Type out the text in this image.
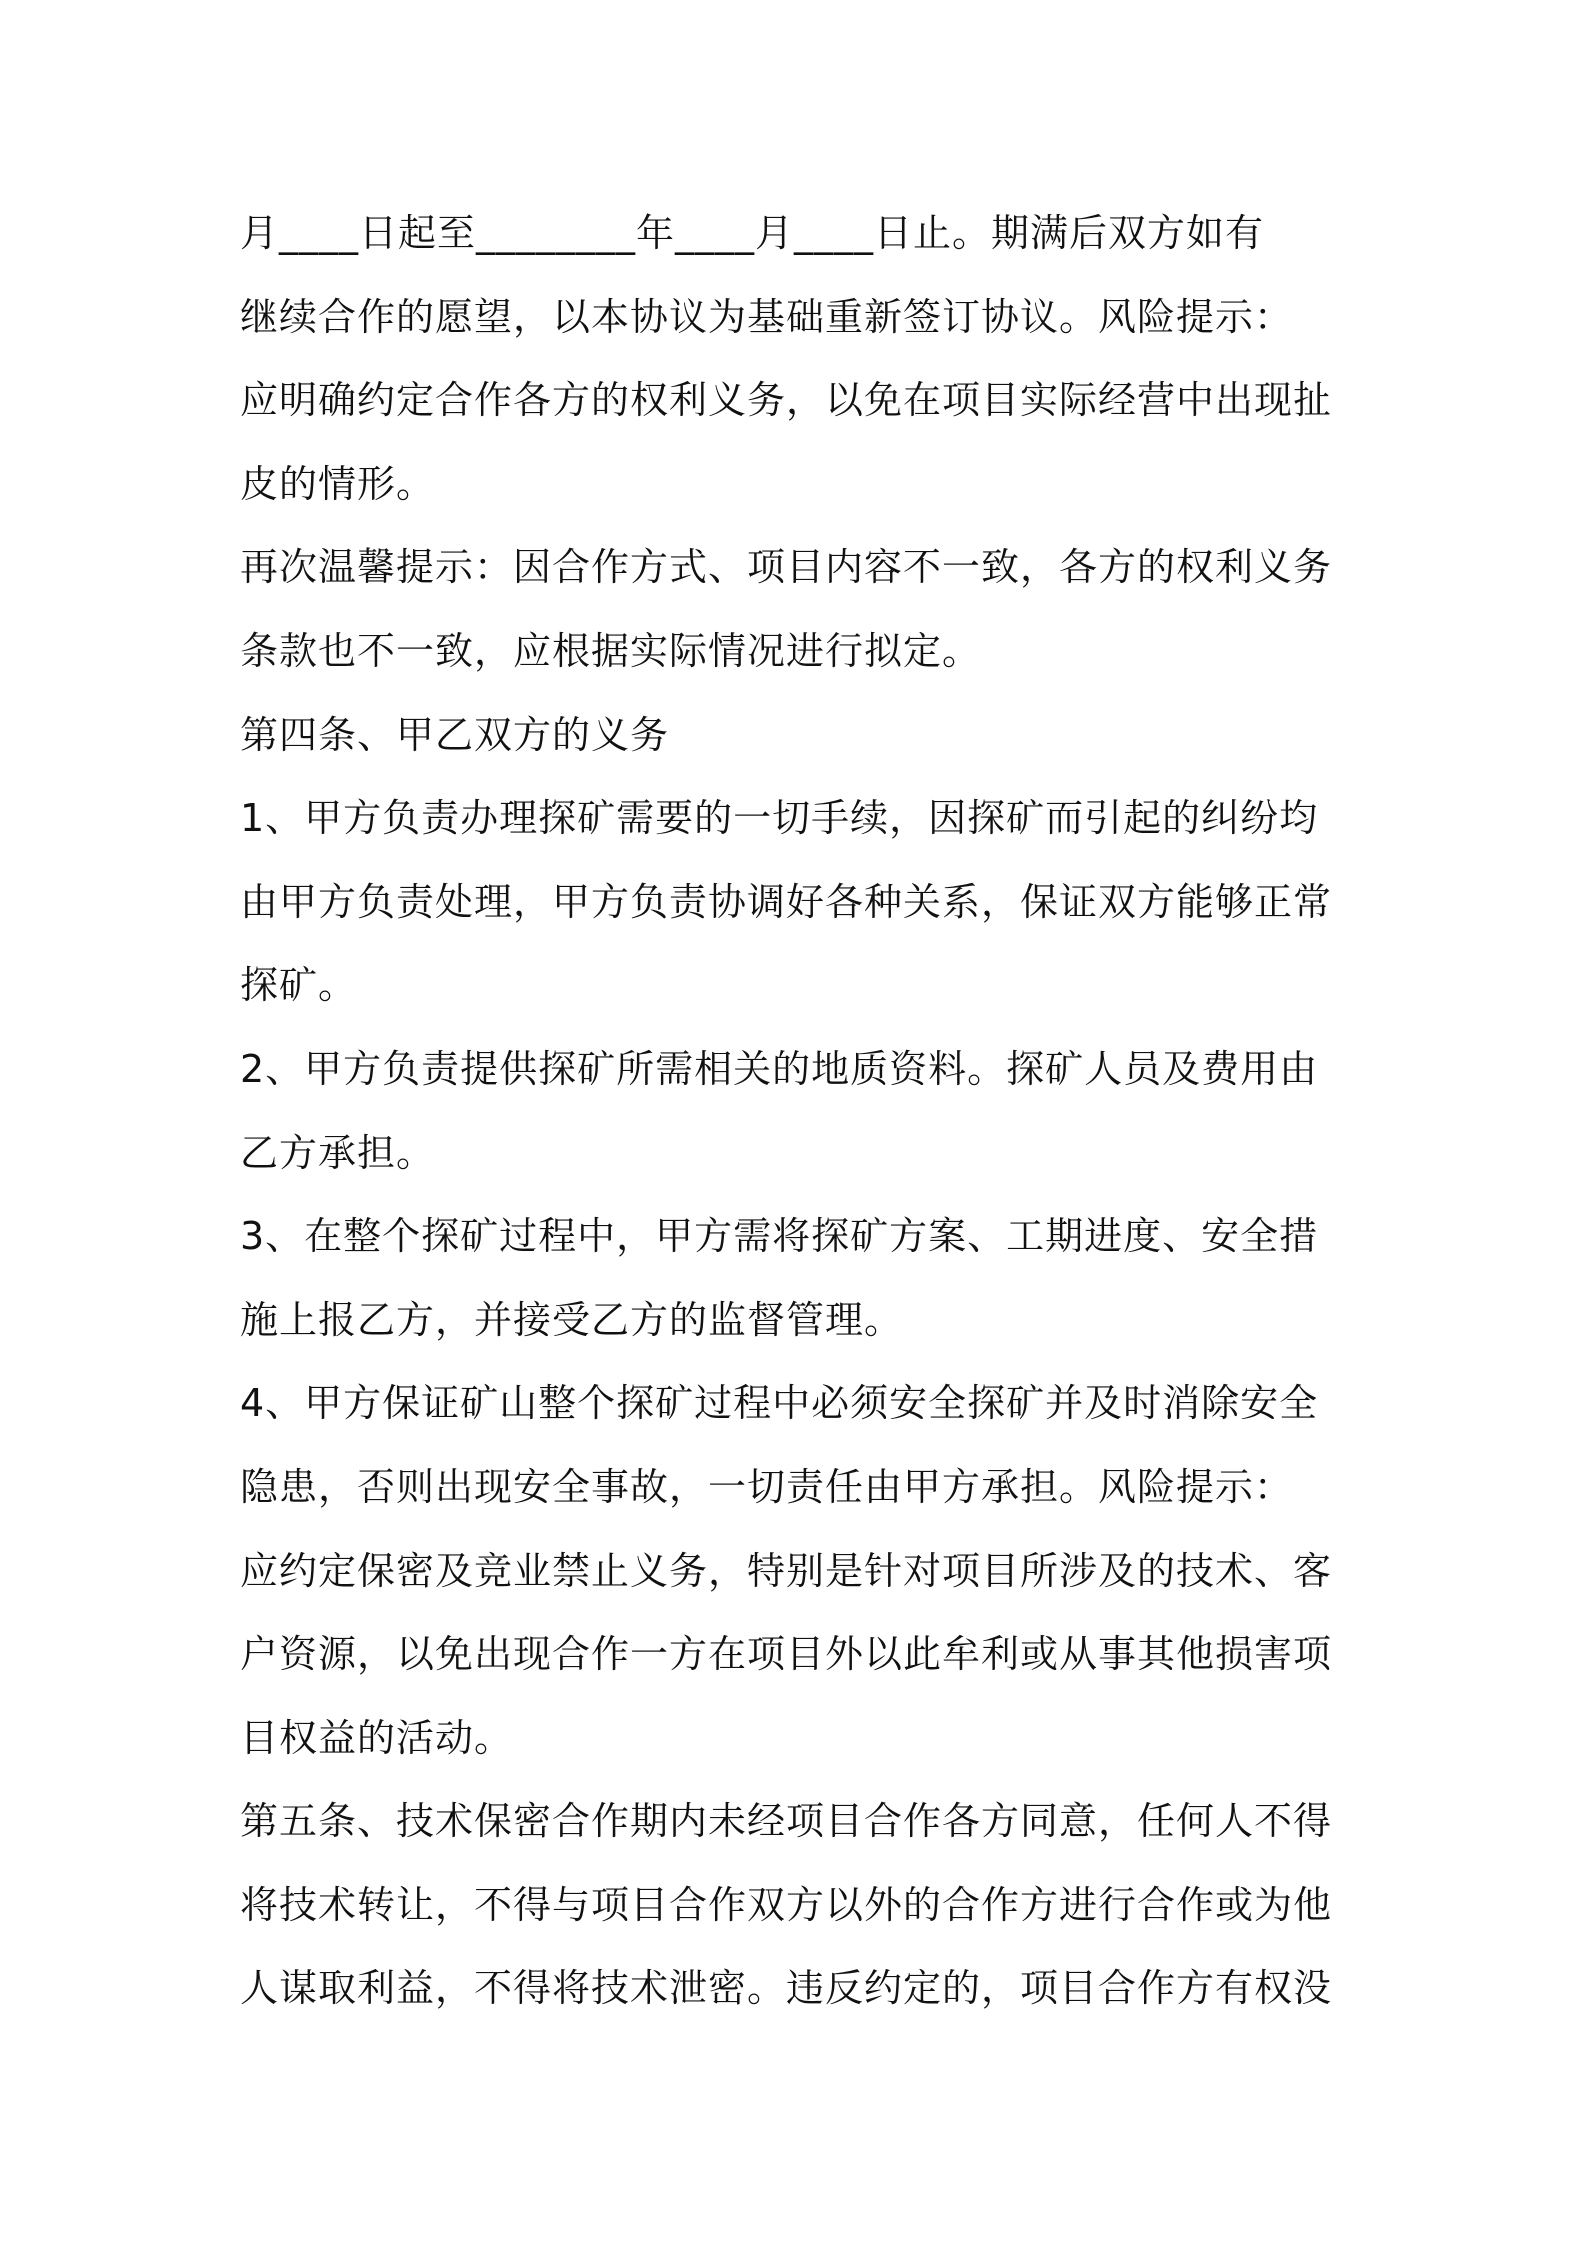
月____日起至________年____月____日止。期满后双方如有
继续合作的愿望，以本协议为基础重新签订协议。风险提示：
应明确约定合作各方的权利义务，以免在项目实际经营中出现扯
皮的情形。
再次温馨提示：因合作方式、项目内容不一致，各方的权利义务
条款也不一致，应根据实际情况进行拟定。
第四条、甲乙双方的义务
1、甲方负责办理探矿需要的一切手续，因探矿而引起的纠纷均
由甲方负责处理，甲方负责协调好各种关系，保证双方能够正常
探矿。
2、甲方负责提供探矿所需相关的地质资料。探矿人员及费用由
乙方承担。
3、在整个探矿过程中，甲方需将探矿方案、工期进度、安全措
施上报乙方，并接受乙方的监督管理。
4、甲方保证矿山整个探矿过程中必须安全探矿并及时消除安全
隐患，否则出现安全事故，一切责任由甲方承担。风险提示：
应约定保密及竞业禁止义务，特别是针对项目所涉及的技术、客
户资源，以免出现合作一方在项目外以此牟利或从事其他损害项
目权益的活动。
第五条、技术保密合作期内未经项目合作各方同意，任何人不得
将技术转让，不得与项目合作双方以外的合作方进行合作或为他
人谋取利益，不得将技术泄密。违反约定的，项目合作方有权没
